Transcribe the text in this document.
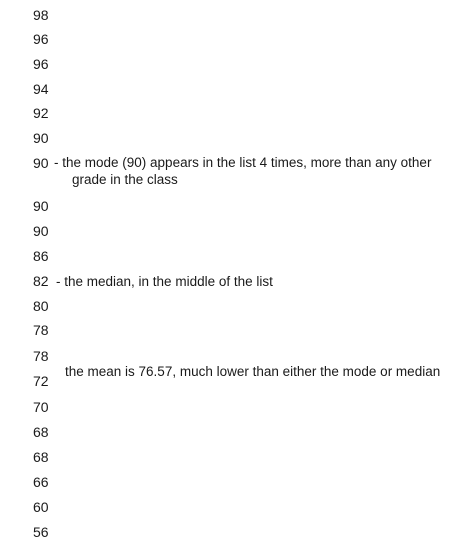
98
96
96
94
92
90
90
90
90
86
82
80
78
78
72
70
68
68
66
60
56
- the mode (90) appears in the list 4 times, more than any other
grade in the class
- the median, in the middle of the list
the mean is 76.57, much lower than either the mode or median
